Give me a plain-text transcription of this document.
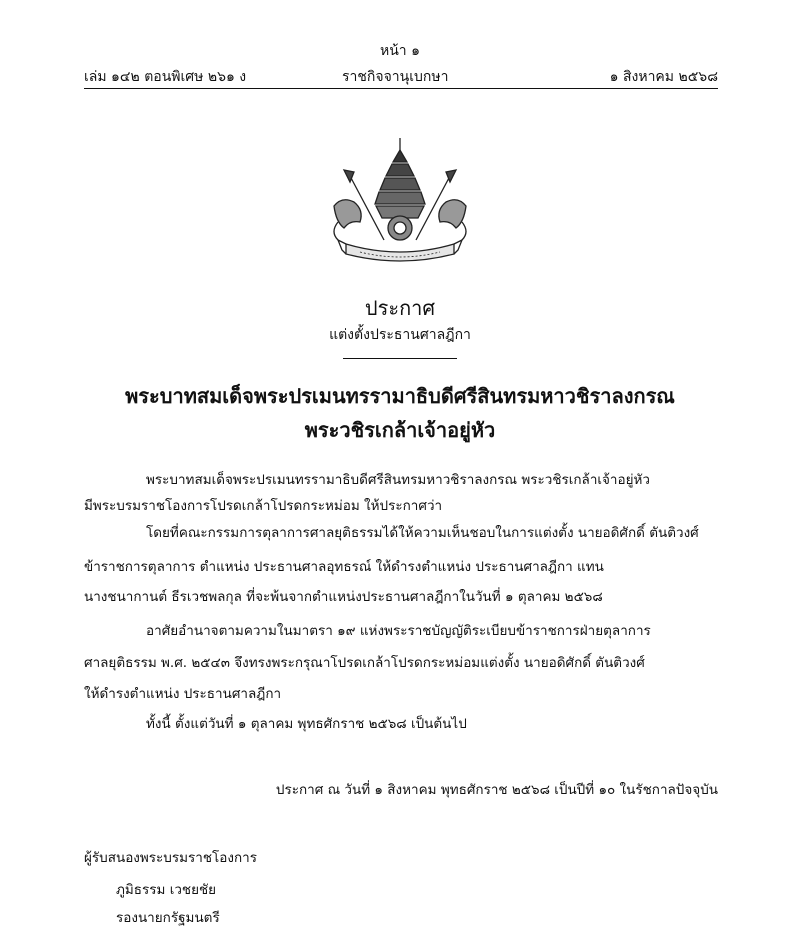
หน้า ๑
เล่ม ๑๔๒ ตอนพิเศษ ๒๖๑ ง	ราชกิจจานุเบกษา	๑ สิงหาคม ๒๕๖๘
ประกาศ
แต่งตั้งประธานศาลฎีกา
พระบาทสมเด็จพระปรเมนทรรามาธิบดีศรีสินทรมหาวชิราลงกรณ
พระวชิรเกล้าเจ้าอยู่หัว
พระบาทสมเด็จพระปรเมนทรรามาธิบดีศรีสินทรมหาวชิราลงกรณ พระวชิรเกล้าเจ้าอยู่หัว
มีพระบรมราชโองการโปรดเกล้าโปรดกระหม่อม ให้ประกาศว่า
โดยที่คณะกรรมการตุลาการศาลยุติธรรมได้ให้ความเห็นชอบในการแต่งตั้ง นายอดิศักดิ์ ตันติวงศ์
ข้าราชการตุลาการ ตำแหน่ง ประธานศาลอุทธรณ์ ให้ดำรงตำแหน่ง ประธานศาลฎีกา แทน
นางชนากานต์ ธีรเวชพลกุล ที่จะพ้นจากตำแหน่งประธานศาลฎีกาในวันที่ ๑ ตุลาคม ๒๕๖๘
อาศัยอำนาจตามความในมาตรา ๑๙ แห่งพระราชบัญญัติระเบียบข้าราชการฝ่ายตุลาการ
ศาลยุติธรรม พ.ศ. ๒๕๔๓ จึงทรงพระกรุณาโปรดเกล้าโปรดกระหม่อมแต่งตั้ง นายอดิศักดิ์ ตันติวงศ์
ให้ดำรงตำแหน่ง ประธานศาลฎีกา
ทั้งนี้ ตั้งแต่วันที่ ๑ ตุลาคม พุทธศักราช ๒๕๖๘ เป็นต้นไป
ประกาศ ณ วันที่ ๑ สิงหาคม พุทธศักราช ๒๕๖๘ เป็นปีที่ ๑๐ ในรัชกาลปัจจุบัน
ผู้รับสนองพระบรมราชโองการ
ภูมิธรรม เวชยชัย
รองนายกรัฐมนตรี
